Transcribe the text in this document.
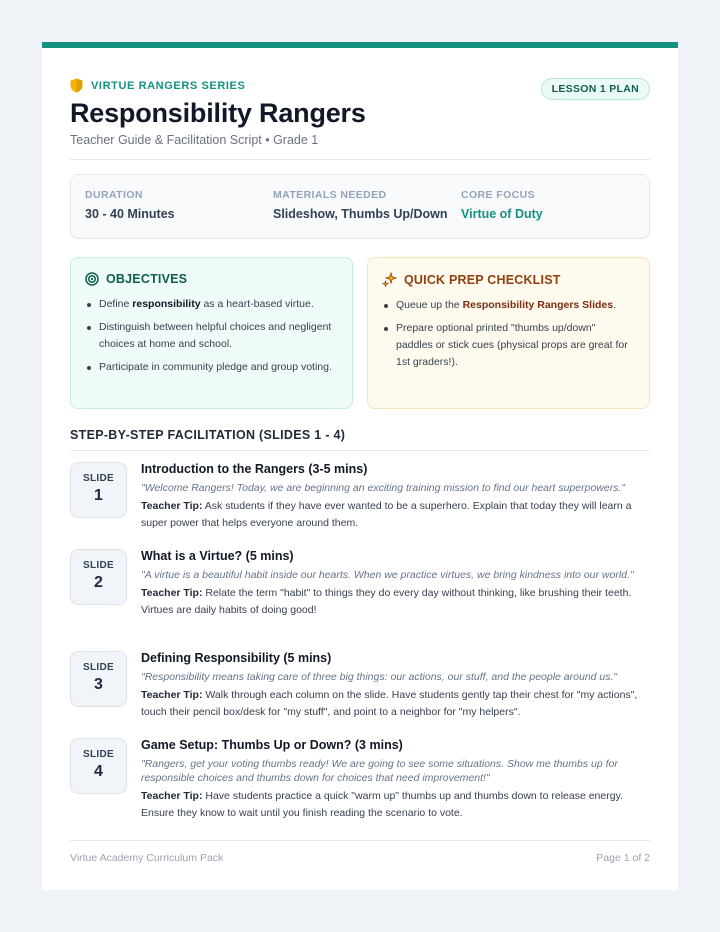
VIRTUE RANGERS SERIES	LESSON 1 PLAN
Responsibility Rangers
Teacher Guide & Facilitation Script • Grade 1
DURATION
30 - 40 Minutes
MATERIALS NEEDED
Slideshow, Thumbs Up/Down
CORE FOCUS
Virtue of Duty
OBJECTIVES
Define responsibility as a heart-based virtue.
Distinguish between helpful choices and negligent choices at home and school.
Participate in community pledge and group voting.
QUICK PREP CHECKLIST
Queue up the Responsibility Rangers Slides.
Prepare optional printed "thumbs up/down" paddles or stick cues (physical props are great for 1st graders!).
STEP-BY-STEP FACILITATION (SLIDES 1 - 4)
SLIDE
1
Introduction to the Rangers (3-5 mins)
"Welcome Rangers! Today, we are beginning an exciting training mission to find our heart superpowers."
Teacher Tip: Ask students if they have ever wanted to be a superhero. Explain that today they will learn a super power that helps everyone around them.
SLIDE
2
What is a Virtue? (5 mins)
"A virtue is a beautiful habit inside our hearts. When we practice virtues, we bring kindness into our world."
Teacher Tip: Relate the term "habit" to things they do every day without thinking, like brushing their teeth. Virtues are daily habits of doing good!
SLIDE
3
Defining Responsibility (5 mins)
"Responsibility means taking care of three big things: our actions, our stuff, and the people around us."
Teacher Tip: Walk through each column on the slide. Have students gently tap their chest for "my actions", touch their pencil box/desk for "my stuff", and point to a neighbor for "my helpers".
SLIDE
4
Game Setup: Thumbs Up or Down? (3 mins)
"Rangers, get your voting thumbs ready! We are going to see some situations. Show me thumbs up for responsible choices and thumbs down for choices that need improvement!"
Teacher Tip: Have students practice a quick "warm up" thumbs up and thumbs down to release energy. Ensure they know to wait until you finish reading the scenario to vote.
Virtue Academy Curriculum Pack	Page 1 of 2
